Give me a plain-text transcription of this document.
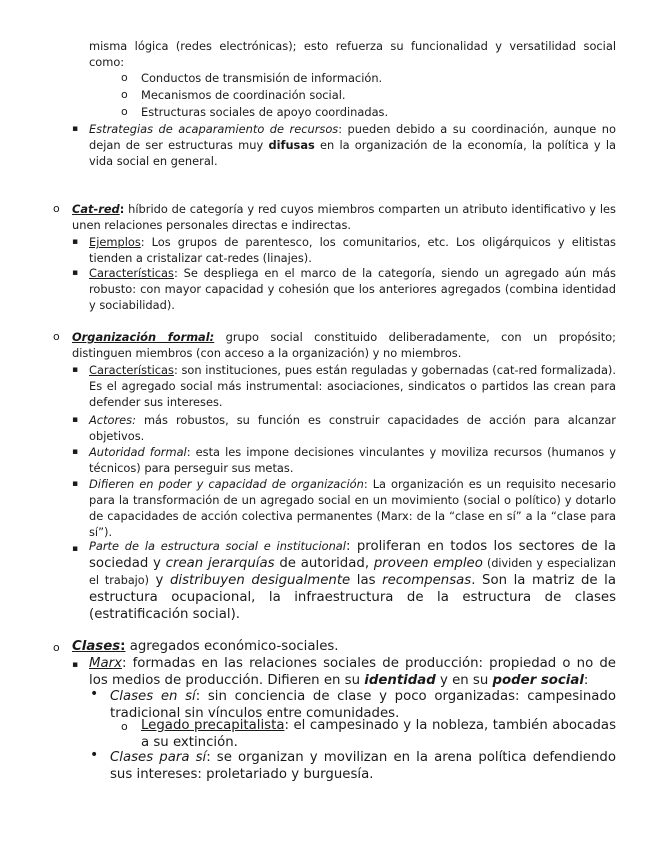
misma lógica (redes electrónicas); esto refuerza su funcionalidad y versatilidad social

como:

o Conductos de transmisión de información.

o Mecanismos de coordinación social.

o Estructuras sociales de apoyo coordinadas.

▪ Estrategias de acaparamiento de recursos: pueden debido a su coordinación, aunque no dejan de ser estructuras muy difusas en la organización de la economía, la política y la vida social en general.

o Cat-red: híbrido de categoría y red cuyos miembros comparten un atributo identificativo y les unen relaciones personales directas e indirectas.

▪ Ejemplos: Los grupos de parentesco, los comunitarios, etc. Los oligárquicos y elitistas tienden a cristalizar cat-redes (linajes).

▪ Características: Se despliega en el marco de la categoría, siendo un agregado aún más robusto: con mayor capacidad y cohesión que los anteriores agregados (combina identidad y sociabilidad).

o Organización formal: grupo social constituido deliberadamente, con un propósito; distinguen miembros (con acceso a la organización) y no miembros.

▪ Características: son instituciones, pues están reguladas y gobernadas (cat-red formalizada). Es el agregado social más instrumental: asociaciones, sindicatos o partidos las crean para defender sus intereses.

▪ Actores: más robustos, su función es construir capacidades de acción para alcanzar objetivos.

▪ Autoridad formal: esta les impone decisiones vinculantes y moviliza recursos (humanos y técnicos) para perseguir sus metas.

▪ Difieren en poder y capacidad de organización: La organización es un requisito necesario para la transformación de un agregado social en un movimiento (social o político) y dotarlo de capacidades de acción colectiva permanentes (Marx: de la “clase en sí” a la “clase para sí”).

▪ Parte de la estructura social e institucional: proliferan en todos los sectores de la sociedad y crean jerarquías de autoridad, proveen empleo (dividen y especializan el trabajo) y distribuyen desigualmente las recompensas. Son la matriz de la estructura ocupacional, la infraestructura de la estructura de clases (estratificación social).

o Clases: agregados económico-sociales.

▪ Marx: formadas en las relaciones sociales de producción: propiedad o no de los medios de producción. Difieren en su identidad y en su poder social:

• Clases en sí: sin conciencia de clase y poco organizadas: campesinado tradicional sin vínculos entre comunidades.

o Legado precapitalista: el campesinado y la nobleza, también abocadas a su extinción.

• Clases para sí: se organizan y movilizan en la arena política defendiendo sus intereses: proletariado y burguesía.
